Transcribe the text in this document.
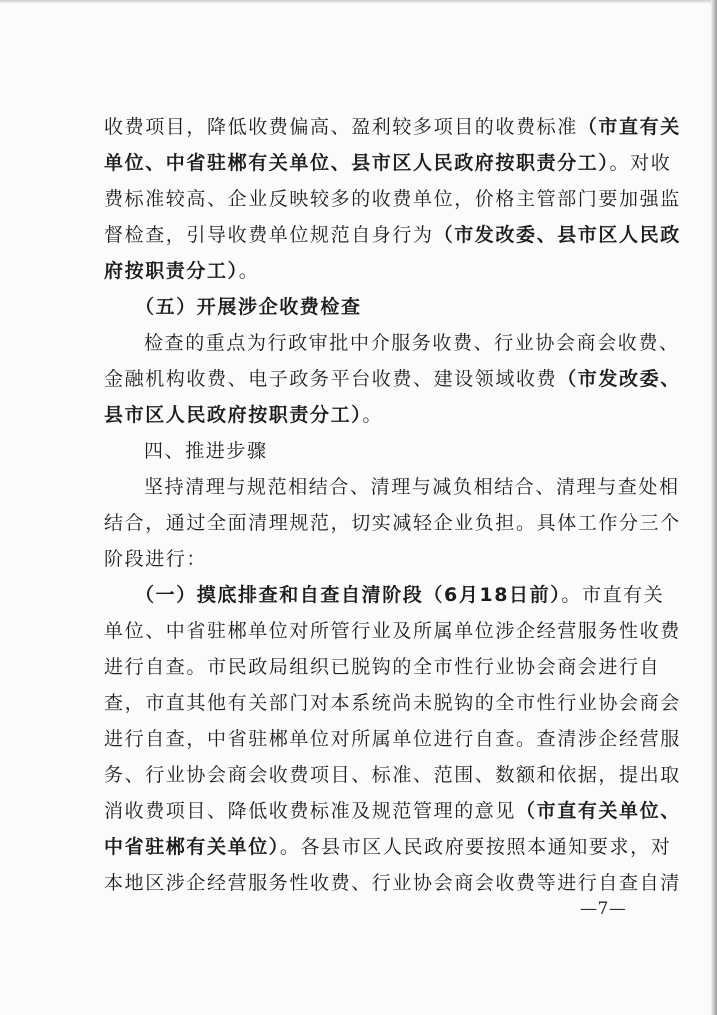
收费项目，降低收费偏高、盈利较多项目的收费标准（市直有关
单位、中省驻郴有关单位、县市区人民政府按职责分工）。对收
费标准较高、企业反映较多的收费单位，价格主管部门要加强监
督检查，引导收费单位规范自身行为（市发改委、县市区人民政
府按职责分工）。
（五）开展涉企收费检查
检查的重点为行政审批中介服务收费、行业协会商会收费、
金融机构收费、电子政务平台收费、建设领域收费（市发改委、
县市区人民政府按职责分工）。
四、推进步骤
坚持清理与规范相结合、清理与减负相结合、清理与查处相
结合，通过全面清理规范，切实减轻企业负担。具体工作分三个
阶段进行：
（一）摸底排查和自查自清阶段（6月18日前）。市直有关
单位、中省驻郴单位对所管行业及所属单位涉企经营服务性收费
进行自查。市民政局组织已脱钩的全市性行业协会商会进行自
查，市直其他有关部门对本系统尚未脱钩的全市性行业协会商会
进行自查，中省驻郴单位对所属单位进行自查。查清涉企经营服
务、行业协会商会收费项目、标准、范围、数额和依据，提出取
消收费项目、降低收费标准及规范管理的意见（市直有关单位、
中省驻郴有关单位）。各县市区人民政府要按照本通知要求，对
本地区涉企经营服务性收费、行业协会商会收费等进行自查自清
—7—
